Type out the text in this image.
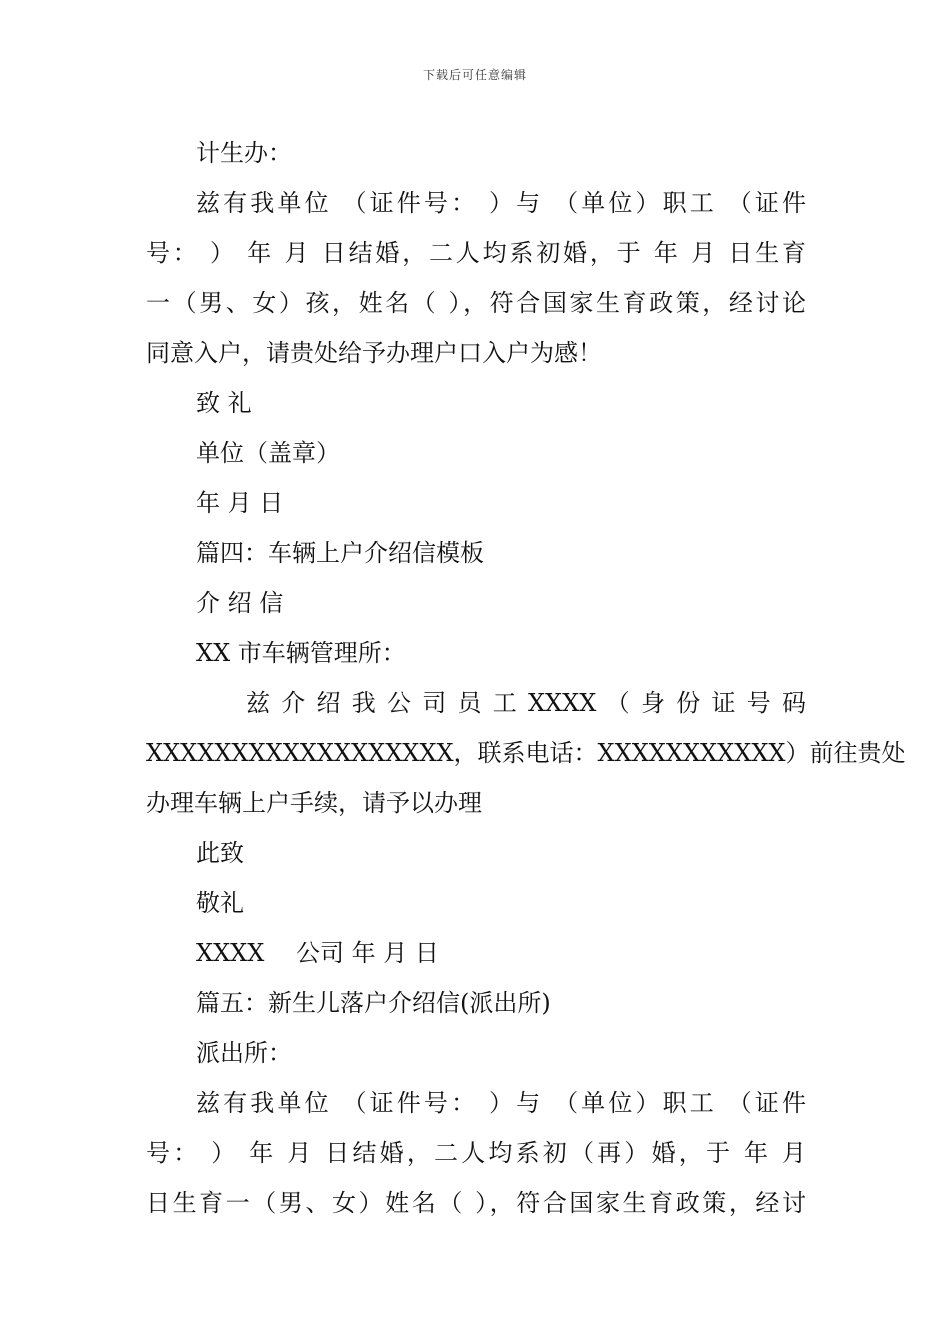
下载后可任意编辑
计生办：
兹有我单位 （证件号： ）与 （单位）职工 （证件
号： ） 年 月 日结婚，二人均系初婚，于 年 月 日生育
一（男、女）孩，姓名（ ），符合国家生育政策，经讨论
同意入户，请贵处给予办理户口入户为感！
致 礼
单位（盖章）
年 月 日
篇四：车辆上户介绍信模板
介 绍 信
XX 市车辆管理所：
兹 介 绍 我 公 司 员 工 XXXX （ 身 份 证 号 码
XXXXXXXXXXXXXXXXXX，联系电话：XXXXXXXXXXX）前往贵处
办理车辆上户手续，请予以办理
此致
敬礼
XXXX 　公司 年 月 日
篇五：新生儿落户介绍信(派出所)
派出所：
兹有我单位 （证件号： ）与 （单位）职工 （证件
号： ） 年 月 日结婚，二人均系初（再）婚，于 年 月
日生育一（男、女）姓名（ ），符合国家生育政策，经讨
